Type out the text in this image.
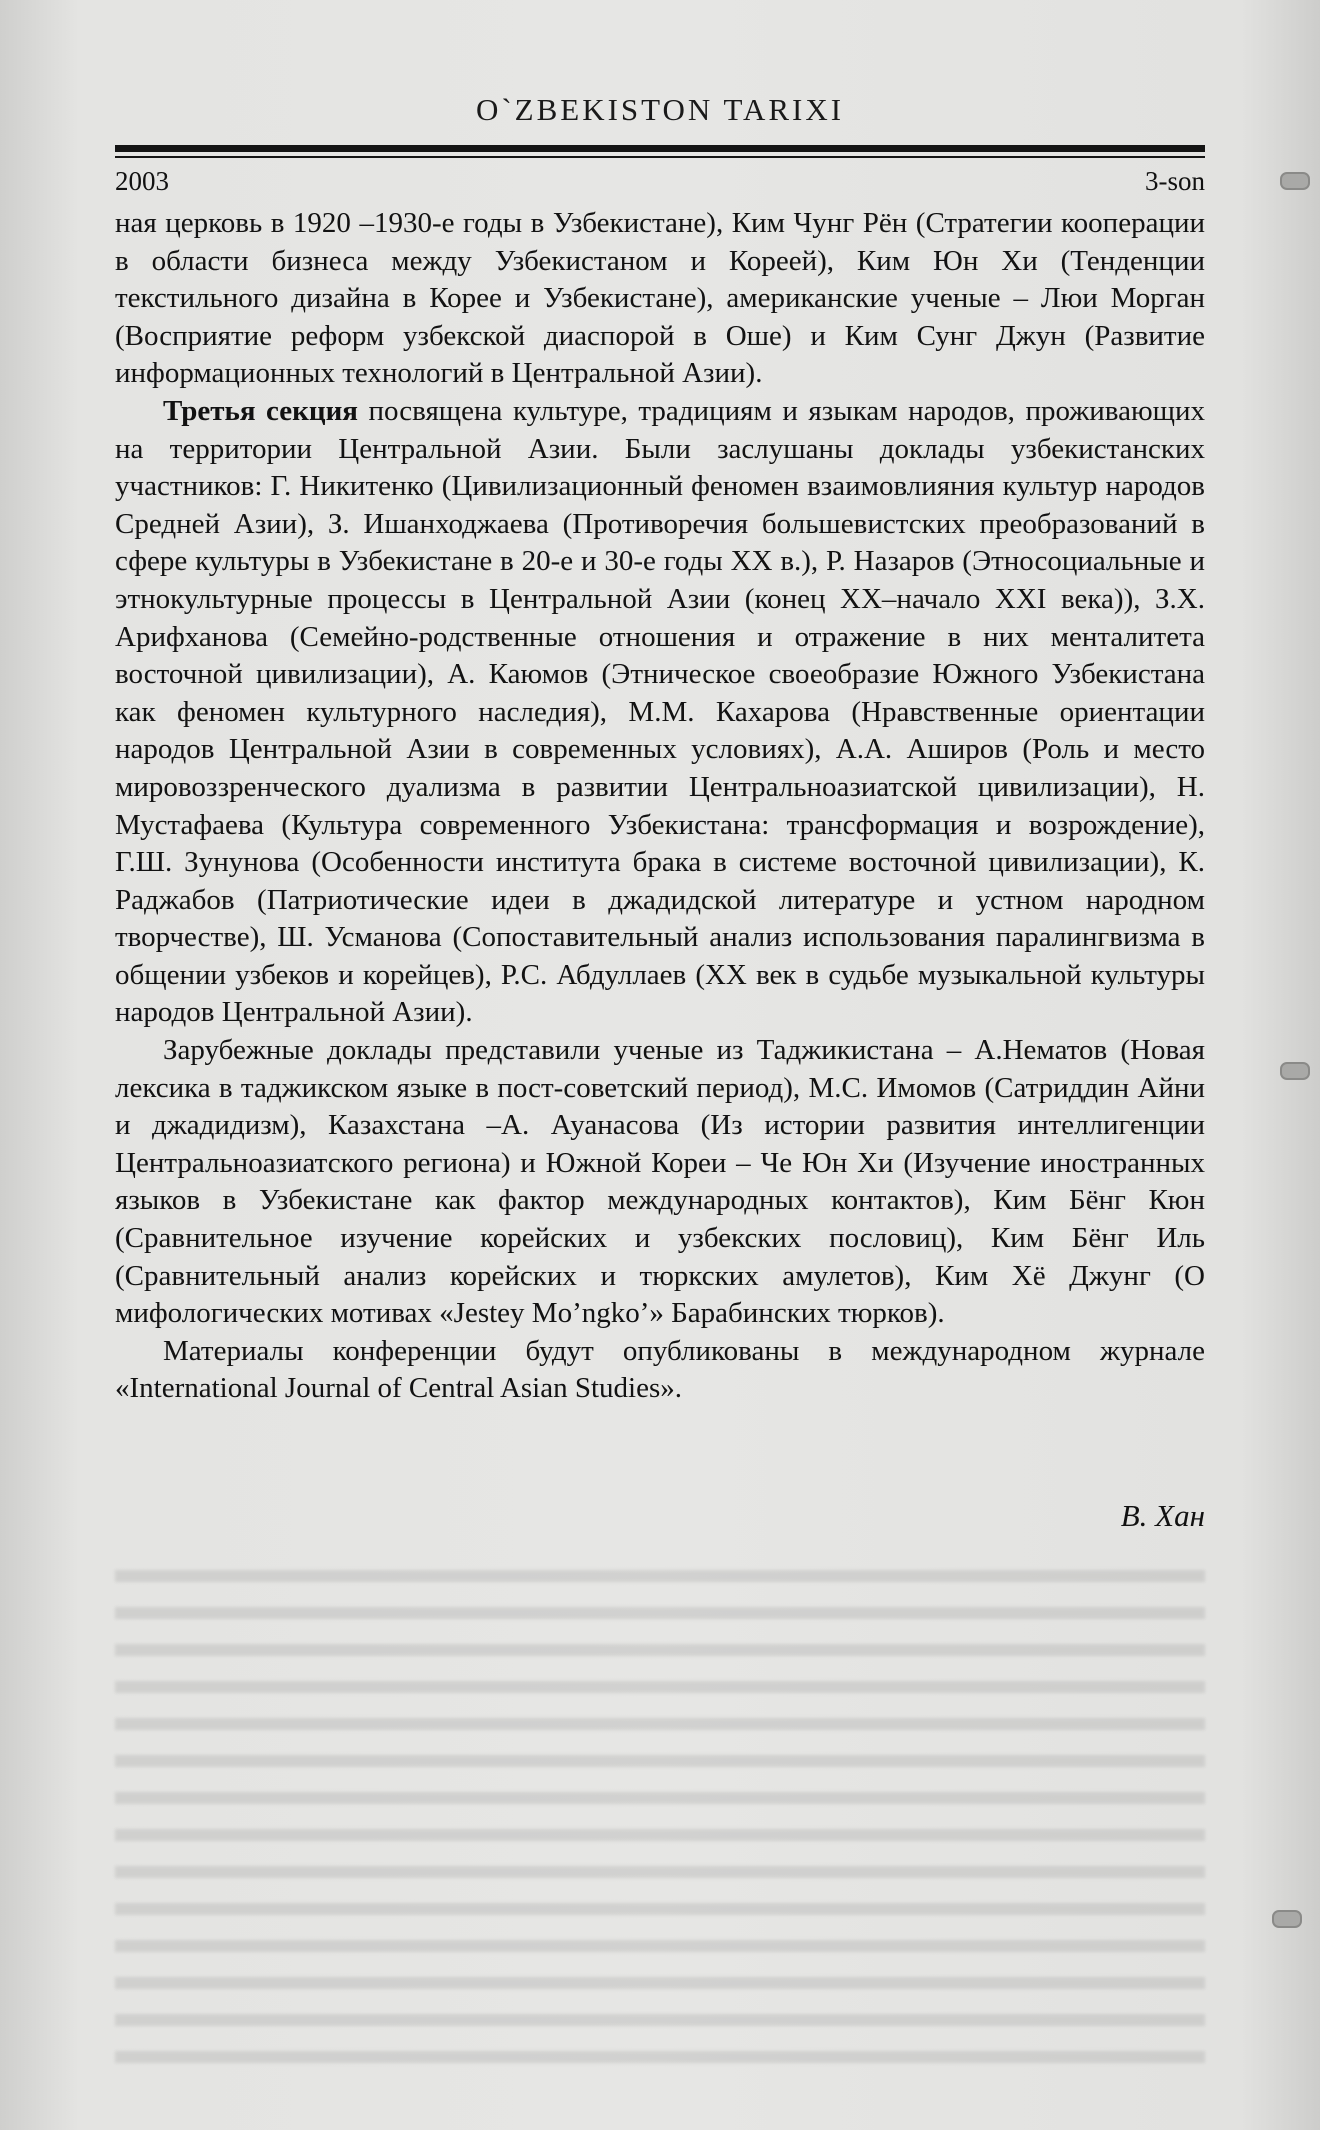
O`ZBEKISTON TARIXI
2003	3-son

ная церковь в 1920 –1930-е годы в Узбекистане), Ким Чунг Рён (Стратегии кооперации в области бизнеса между Узбекистаном и Кореей), Ким Юн Хи (Тенденции текстильного дизайна в Корее и Узбекистане), американские ученые – Люи Морган (Восприятие реформ узбекской диаспорой в Оше) и Ким Сунг Джун (Развитие информационных технологий в Центральной Азии).

Третья секция посвящена культуре, традициям и языкам народов, проживающих на территории Центральной Азии. Были заслушаны доклады узбекистанских участников: Г. Никитенко (Цивилизационный феномен взаимовлияния культур народов Средней Азии), З. Ишанходжаева (Противоречия большевистских преобразований в сфере культуры в Узбекистане в 20-е и 30-е годы XX в.), Р. Назаров (Этносоциальные и этнокультурные процессы в Центральной Азии (конец XX–начало XXI века)), З.Х. Арифханова (Семейно-родственные отношения и отражение в них менталитета восточной цивилизации), А. Каюмов (Этническое своеобразие Южного Узбекистана как феномен культурного наследия), М.М. Кахарова (Нравственные ориентации народов Центральной Азии в современных условиях), А.А. Аширов (Роль и место мировоззренческого дуализма в развитии Центральноазиатской цивилизации), Н. Мустафаева (Культура современного Узбекистана: трансформация и возрождение), Г.Ш. Зунунова (Особенности института брака в системе восточной цивилизации), К. Раджабов (Патриотические идеи в джадидской литературе и устном народном творчестве), Ш. Усманова (Сопоставительный анализ использования паралингвизма в общении узбеков и корейцев), Р.С. Абдуллаев (XX век в судьбе музыкальной культуры народов Центральной Азии).

Зарубежные доклады представили ученые из Таджикистана – А.Нематов (Новая лексика в таджикском языке в пост-советский период), М.С. Имомов (Сатриддин Айни и джадидизм), Казахстана –А. Ауанасова (Из истории развития интеллигенции Центральноазиатского региона) и Южной Кореи – Че Юн Хи (Изучение иностранных языков в Узбекистане как фактор международных контактов), Ким Бёнг Кюн (Сравнительное изучение корейских и узбекских пословиц), Ким Бёнг Иль (Сравнительный анализ корейских и тюркских амулетов), Ким Хё Джунг (О мифологических мотивах «Jestey Mo’ngko’» Барабинских тюрков).

Материалы конференции будут опубликованы в международном журнале «International Journal of Central Asian Studies».

В. Хан
